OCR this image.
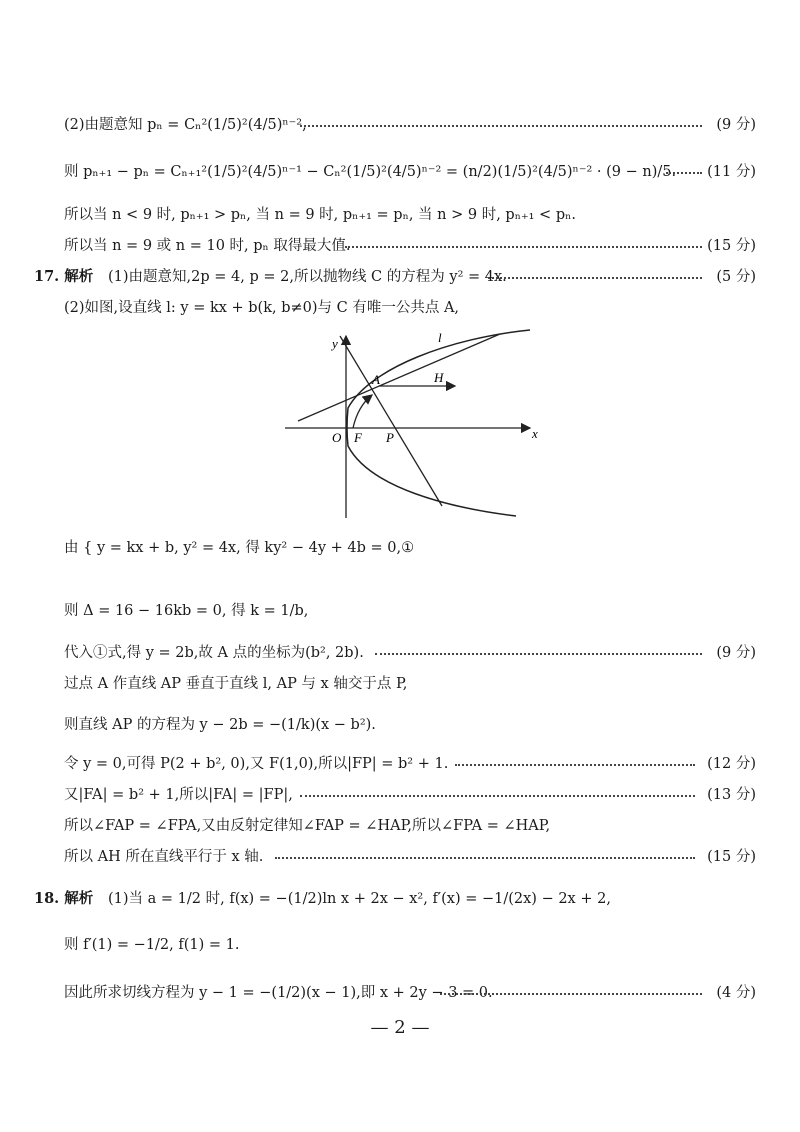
(2)由题意知 pₙ = Cₙ²(1/5)²(4/5)ⁿ⁻²,	(9 分)
则 pₙ₊₁ − pₙ = Cₙ₊₁²(1/5)²(4/5)ⁿ⁻¹ − Cₙ²(1/5)²(4/5)ⁿ⁻² = (n/2)(1/5)²(4/5)ⁿ⁻² · (9 − n)/5. (11 分)
所以当 n < 9 时, pₙ₊₁ > pₙ, 当 n = 9 时, pₙ₊₁ = pₙ, 当 n > 9 时, pₙ₊₁ < pₙ.
所以当 n = 9 或 n = 10 时, pₙ 取得最大值.	(15 分)
17. 解析 (1)由题意知,2p = 4, p = 2,所以抛物线 C 的方程为 y² = 4x.	(5 分)
(2)如图,设直线 l: y = kx + b(k, b≠0)与 C 有唯一公共点 A,
y
x
l
A	H
O F P
由 { y = kx + b, y² = 4x, 得 ky² − 4y + 4b = 0,①
则 Δ = 16 − 16kb = 0, 得 k = 1/b,
代入①式,得 y = 2b,故 A 点的坐标为(b², 2b).	(9 分)
过点 A 作直线 AP 垂直于直线 l, AP 与 x 轴交于点 P,
则直线 AP 的方程为 y − 2b = −(1/k)(x − b²).
令 y = 0,可得 P(2 + b², 0),又 F(1,0),所以|FP| = b² + 1.	(12 分)
又|FA| = b² + 1,所以|FA| = |FP|,	(13 分)
所以∠FAP = ∠FPA,又由反射定律知∠FAP = ∠HAP,所以∠FPA = ∠HAP,
所以 AH 所在直线平行于 x 轴.	(15 分)
18. 解析 (1)当 a = 1/2 时, f(x) = −(1/2)ln x + 2x − x², f′(x) = −1/(2x) − 2x + 2,
则 f′(1) = −1/2, f(1) = 1.
因此所求切线方程为 y − 1 = −(1/2)(x − 1),即 x + 2y − 3 = 0.	(4 分)
— 2 —
